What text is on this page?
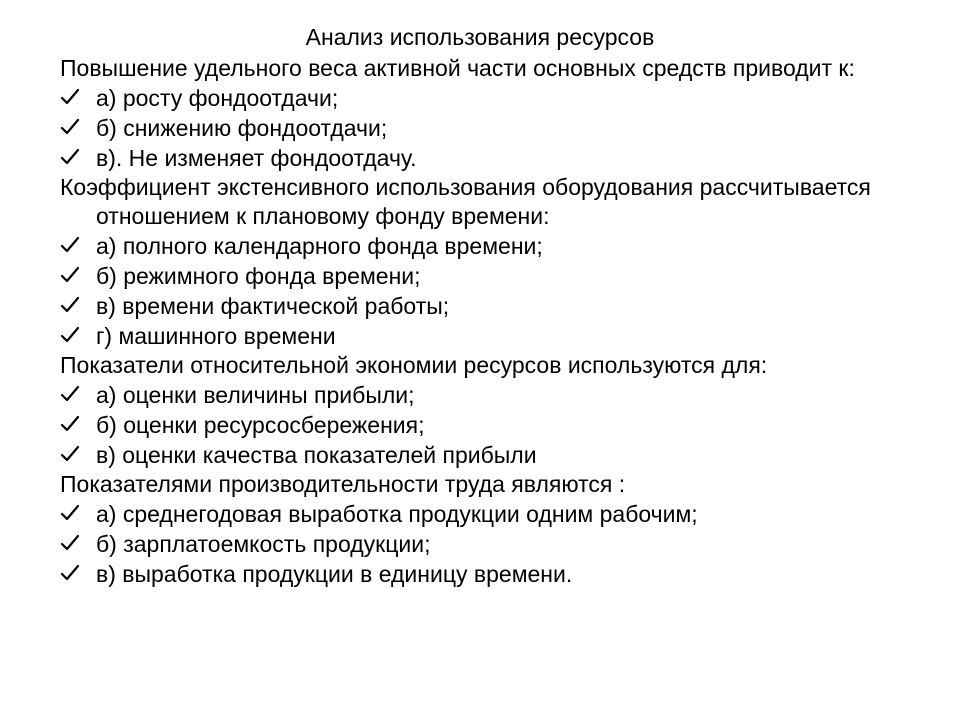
Анализ использования ресурсов

Повышение удельного веса активной части основных средств приводит к:

а) росту фондоотдачи;
б) снижению фондоотдачи;
в). Не изменяет фондоотдачу.

Коэффициент экстенсивного использования оборудования рассчитывается отношением к плановому фонду времени:

а) полного календарного фонда времени;
б) режимного фонда времени;
в) времени фактической работы;
г) машинного времени

Показатели относительной экономии ресурсов используются для:

а) оценки величины прибыли;
б) оценки ресурсосбережения;
в) оценки качества показателей прибыли

Показателями производительности труда являются :

а) среднегодовая выработка продукции одним рабочим;
б) зарплатоемкость продукции;
в) выработка продукции в единицу времени.
